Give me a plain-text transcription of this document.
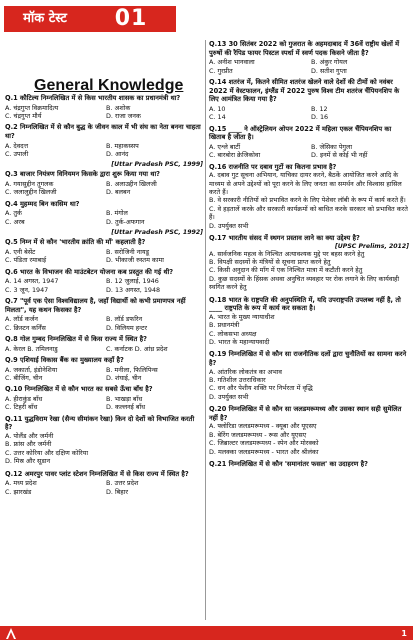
मॉक टेस्ट	01
General Knowledge

Q.1 कौटिल्य निम्नलिखित में से किस भारतीय शासक का प्रधानमंत्री था?

A. चंद्रगुप्त विक्रमादित्य	B. अशोक
C. चंद्रगुप्त मौर्य	D. राजा जनक

Q.2 निम्नलिखित में से कौन बुद्ध के जीवन काल में भी संघ का नेता बनना चाहता था?

A. देवदत्त	B. महाकस्सप
C. उपाली	D. आनंद

[Uttar Pradesh PSC, 1999]

Q.3 बाजार नियंत्रण विनियमन किसके द्वारा शुरू किया गया था?

A. गयासुद्दीन तुगलक	B. अलाउद्दीन खिलजी
C. जलालुद्दीन खिलजी	D. बलबन

Q.4 मुहम्मद बिन कासिम था?

A. तुर्क	B. मंगोल
C. अरब	D. तुर्क-अफगान

[Uttar Pradesh PSC, 1992]

Q.5 निम्न में से कौन 'भारतीय क्रांति की माँ' कहलाती है?

A. एनी बेसेंट	B. सरोजिनी नायडू
C. पंडिता रमाबाई	D. भीकाजी रुस्तम कामा

Q.6 भारत के विभाजन की माउंटबेटन योजना कब प्रस्तुत की गई थी?

A. 14 अगस्त, 1947	B. 12 जुलाई, 1946
C. 3 जून, 1947	D. 13 अगस्त, 1948

Q.7 "पूर्व एक ऐसा विश्वविद्यालय है, जहाँ विद्यार्थी को कभी प्रमाणपत्र नहीं मिलता", यह कथन किसका है?

A. लॉर्ड कर्जन	B. लॉर्ड डफरिन
C. क्रिस्टन कर्निंस	D. विलियम हन्टर

Q.8 गोल गुम्बद निम्नलिखित में से किस राज्य में स्थित है?

A. केरल B. तमिलनाडु	C. कर्नाटक D. आंध्र प्रदेश

Q.9 एशियाई विकास बैंक का मुख्यालय कहाँ है?

A. जकार्ता, इंडोनेशिया	B. मनीला, फिलिपिन्स
C. बीजिंग, चीन	D. शंघाई, चीन

Q.10 निम्नलिखित में से कौन भारत का सबसे ऊँचा बाँध है?

A. हीराकुंड बाँध	B. भाखड़ा बाँध
C. टिहरी बाँध	D. कल्लनई बाँध

Q.11 युद्धविराम रेखा (सैन्य सीमांकन रेखा) किन दो देशों को विभाजित करती है?

A. पोलैंड और जर्मनी

B. फ्रांस और जर्मनी

C. उत्तर कोरिया और दक्षिण कोरिया

D. मिस्र और सूडान

Q.12 अमरपुर पावर प्लांट स्टेशन निम्नलिखित में से किस राज्य में स्थित है?

A. मध्य प्रदेश	B. उत्तर प्रदेश
C. झारखंड	D. बिहार

Q.13 30 सितंबर 2022 को गुजरात के अहमदाबाद में 36वें राष्ट्रीय खेलों में पुरुषों की रैपिड फायर पिस्टल स्पर्धा में स्वर्ण पदक किसने जीता है?

A. अनीश भानवाला	B. अंकुर गोयल
C. गुरप्रीत	D. सतीश गुप्ता

Q.14 शतरंज में, कितने सीमित शतरंज खेलने वाले देशों की टीमों को नवंबर 2022 में वेस्टफालन, इंग्लैंड में 2022 पुरुष विश्व टीम शतरंज चैंपियनशिप के लिए आमंत्रित किया गया है?

A. 10	B. 12
C. 14	D. 16

Q.15 ____ ने ऑस्ट्रेलियन ओपन 2022 में महिला एकल चैंपियनशिप का खिताब है जीता है।

A. एश्ले बार्टी	B. जेसिका पेगुला
C. बारबोरा क्रेजिकोवा	D. इनमें से कोई भी नहीं

Q.16 राजनीति पर दबाव गुटों का कितना प्रभाव है?

A. दबाव गुट सूचना अभियान, याचिका दायर करने, बैठकें आयोजित करने आदि के माध्यम से अपने उद्देश्यों को पूरा करने के लिए जनता का समर्थन और विश्वास हासिल करते हैं।

B. वे सरकारी नीतियों को प्रभावित करने के लिए पेशेवर लॉबी के रूप में कार्य करते हैं।

C. वे हड़तालें करके और सरकारी कार्यक्रमों को बाधित करके सरकार को प्रभावित करते हैं।

D. उपर्युक्त सभी

Q.17 भारतीय संसद में स्थगन प्रस्ताव लाने का क्या उद्देश्य है?

[UPSC Prelims, 2012]

A. सार्वजनिक महत्व के निश्चित अत्यावश्यक मुद्दे पर बहस करने हेतु

B. विपक्षी सदस्यों के मंत्रियों से सूचना प्राप्त करने हेतु

C. किसी अनुदान की माँग में एक निश्चित मात्रा में कटौती करने हेतु

D. कुछ सदस्यों के हिंसक अथवा अनुचित व्यवहार पर रोक लगाने के लिए कार्यवाही स्थगित करने हेतु

Q.18 भारत के राष्ट्रपति की अनुपस्थिति में, यदि उपराष्ट्रपति उपलब्ध नहीं है, तो ____ राष्ट्रपति के रूप में कार्य कर सकता है।

A. भारत के मुख्य न्यायाधीश

B. प्रधानमंत्री

C. लोकसभा अध्यक्ष

D. भारत के महान्यायवादी

Q.19 निम्नलिखित में से कौन सा राजनीतिक दलों द्वारा चुनौतियों का सामना करने है?

A. आंतरिक लोकतंत्र का अभाव

B. गतिशील उत्तराधिकार

C. धन और पेशीय शक्ति पर निर्भरता में वृद्धि

D. उपर्युक्त सभी

Q.20 निम्नलिखित में से कौन सा जलडमरूमध्य और उसका स्थान सही सुमेलित नहीं है?

A. फ्लोरिडा जलडमरूमध्य - क्यूबा और यूएसए

B. बेरिंग जलडमरूमध्य - रूस और यूएसए

C. जिब्राल्टर जलडमरूमध्य - स्पेन और मोरक्को

D. मलक्का जलडमरूमध्य - भारत और श्रीलंका

Q.21 निम्नलिखित में से कौन 'समानांतर फसल' का उदाहरण है?

1
